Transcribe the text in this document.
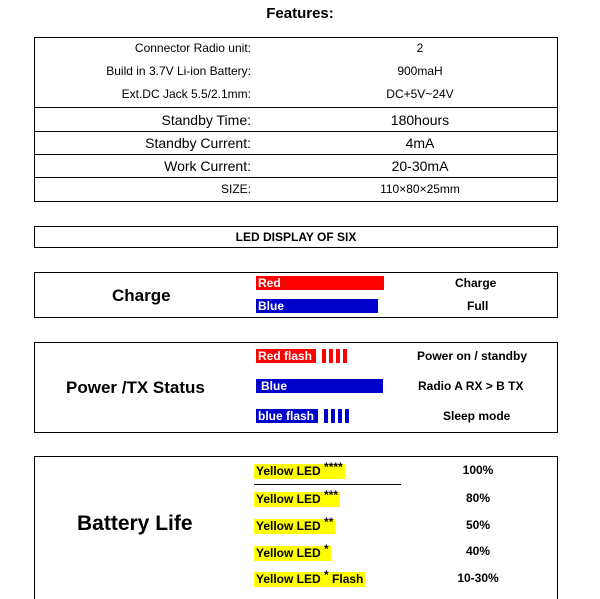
Features:
Connector Radio unit:	2
Build in 3.7V Li-ion Battery:	900maH
Ext.DC Jack 5.5/2.1mm:	DC+5V~24V
Standby Time:	180hours
Standby Current:	4mA
Work Current:	20-30mA
SIZE:	110×80×25mm
LED DISPLAY OF SIX
Charge
Red	Charge
Blue	Full
Power /TX Status
Red flash	Power on / standby
Blue	Radio A RX > B TX
blue flash	Sleep mode
Battery Life
Yellow LED ****	100%
Yellow LED ***	80%
Yellow LED **	50%
Yellow LED *	40%
Yellow LED * Flash	10-30%
